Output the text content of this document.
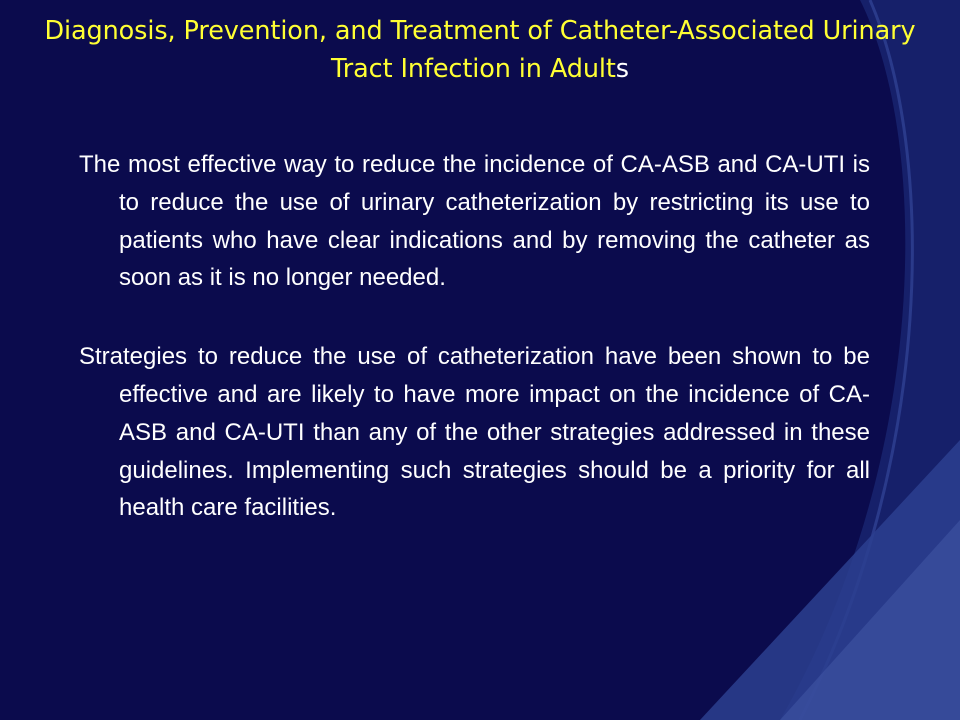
Diagnosis, Prevention, and Treatment of Catheter-Associated Urinary Tract Infection in Adults

The most effective way to reduce the incidence of CA-ASB and CA-UTI is to reduce the use of urinary catheterization by restricting its use to patients who have clear indications and by removing the catheter as soon as it is no longer needed.

Strategies to reduce the use of catheterization have been shown to be effective and are likely to have more impact on the incidence of CA-ASB and CA-UTI than any of the other strategies addressed in these guidelines. Implementing such strategies should be a priority for all health care facilities.
